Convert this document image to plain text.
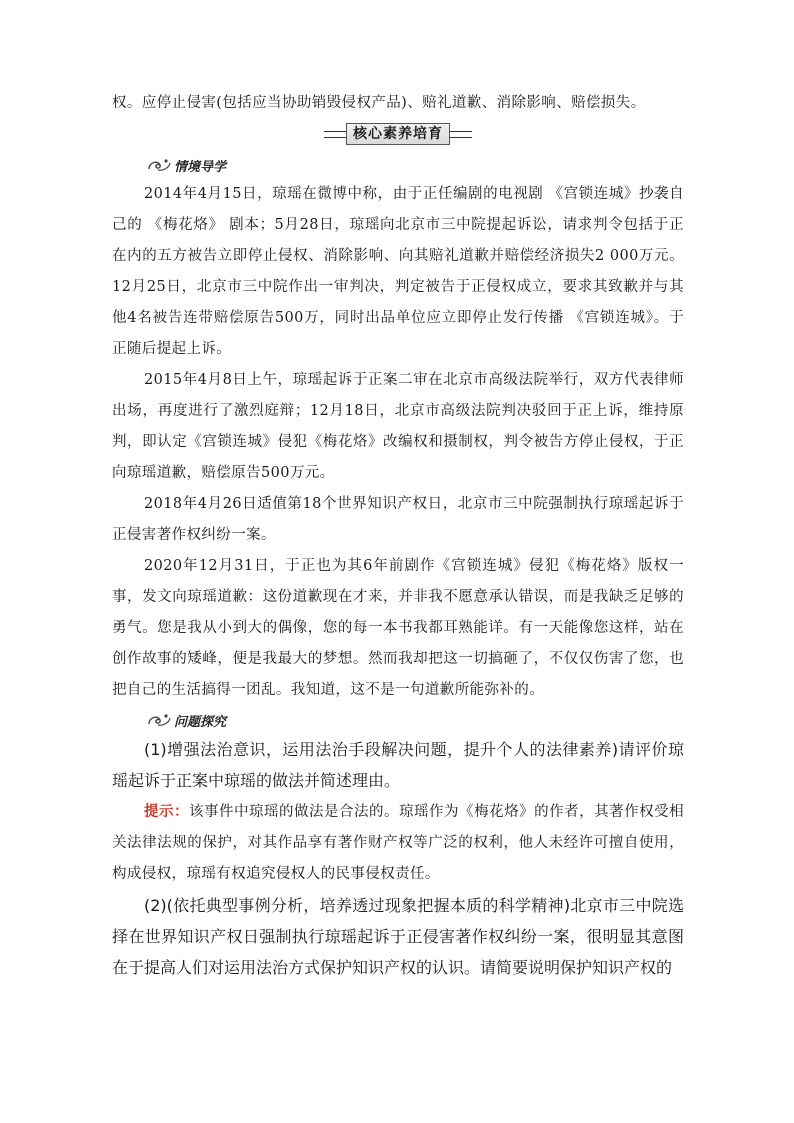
权。应停止侵害(包括应当协助销毁侵权产品)、赔礼道歉、消除影响、赔偿损失。

核心素养培育
情境导学

2014年4月15日，琼瑶在微博中称，由于正任编剧的电视剧 《宫锁连城》抄袭自己的 《梅花烙》 剧本；5月28日，琼瑶向北京市三中院提起诉讼，请求判令包括于正在内的五方被告立即停止侵权、消除影响、向其赔礼道歉并赔偿经济损失2 000万元。12月25日，北京市三中院作出一审判决，判定被告于正侵权成立，要求其致歉并与其他4名被告连带赔偿原告500万，同时出品单位应立即停止发行传播 《宫锁连城》。于正随后提起上诉。

2015年4月8日上午，琼瑶起诉于正案二审在北京市高级法院举行，双方代表律师出场，再度进行了激烈庭辩；12月18日，北京市高级法院判决驳回于正上诉，维持原判，即认定《宫锁连城》侵犯《梅花烙》改编权和摄制权，判令被告方停止侵权，于正向琼瑶道歉，赔偿原告500万元。

2018年4月26日适值第18个世界知识产权日，北京市三中院强制执行琼瑶起诉于正侵害著作权纠纷一案。

2020年12月31日，于正也为其6年前剧作《宫锁连城》侵犯《梅花烙》版权一事，发文向琼瑶道歉：这份道歉现在才来，并非我不愿意承认错误，而是我缺乏足够的勇气。您是我从小到大的偶像，您的每一本书我都耳熟能详。有一天能像您这样，站在创作故事的矮峰，便是我最大的梦想。然而我却把这一切搞砸了，不仅仅伤害了您，也把自己的生活搞得一团乱。我知道，这不是一句道歉所能弥补的。

问题探究

(1)增强法治意识，运用法治手段解决问题，提升个人的法律素养)请评价琼瑶起诉于正案中琼瑶的做法并简述理由。

提示：该事件中琼瑶的做法是合法的。琼瑶作为《梅花烙》的作者，其著作权受相关法律法规的保护，对其作品享有著作财产权等广泛的权利，他人未经许可擅自使用，构成侵权，琼瑶有权追究侵权人的民事侵权责任。

(2)(依托典型事例分析，培养透过现象把握本质的科学精神)北京市三中院选择在世界知识产权日强制执行琼瑶起诉于正侵害著作权纠纷一案，很明显其意图在于提高人们对运用法治方式保护知识产权的认识。请简要说明保护知识产权的
